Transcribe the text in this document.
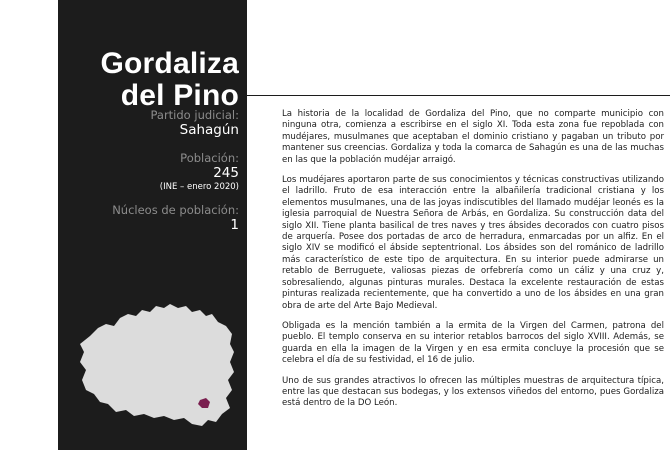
Gordaliza
del Pino
Partido judicial:
Sahagún
Población:
245
(INE – enero 2020)
Núcleos de población:
1

La historia de la localidad de Gordaliza del Pino, que no comparte municipio con ninguna otra, comienza a escribirse en el siglo XI. Toda esta zona fue repoblada con mudéjares, musulmanes que aceptaban el dominio cristiano y pagaban un tributo por mantener sus creencias. Gordaliza y toda la comarca de Sahagún es una de las muchas en las que la población mudéjar arraigó.

Los mudéjares aportaron parte de sus conocimientos y técnicas constructivas utilizando el ladrillo. Fruto de esa interacción entre la albañilería tradicional cristiana y los elementos musulmanes, una de las joyas indiscutibles del llamado mudéjar leonés es la iglesia parroquial de Nuestra Señora de Arbás, en Gordaliza. Su construcción data del siglo XII. Tiene planta basilical de tres naves y tres ábsides decorados con cuatro pisos de arquería. Posee dos portadas de arco de herradura, enmarcadas por un alfiz. En el siglo XIV se modificó el ábside septentrional. Los ábsides son del románico de ladrillo más característico de este tipo de arquitectura. En su interior puede admirarse un retablo de Berruguete, valiosas piezas de orfebrería como un cáliz y una cruz y, sobresaliendo, algunas pinturas murales. Destaca la excelente restauración de estas pinturas realizada recientemente, que ha convertido a uno de los ábsides en una gran obra de arte del Arte Bajo Medieval.

Obligada es la mención también a la ermita de la Virgen del Carmen, patrona del pueblo. El templo conserva en su interior retablos barrocos del siglo XVIII. Además, se guarda en ella la imagen de la Virgen y en esa ermita concluye la procesión que se celebra el día de su festividad, el 16 de julio.

Uno de sus grandes atractivos lo ofrecen las múltiples muestras de arquitectura típica, entre las que destacan sus bodegas, y los extensos viñedos del entorno, pues Gordaliza está dentro de la DO León.
